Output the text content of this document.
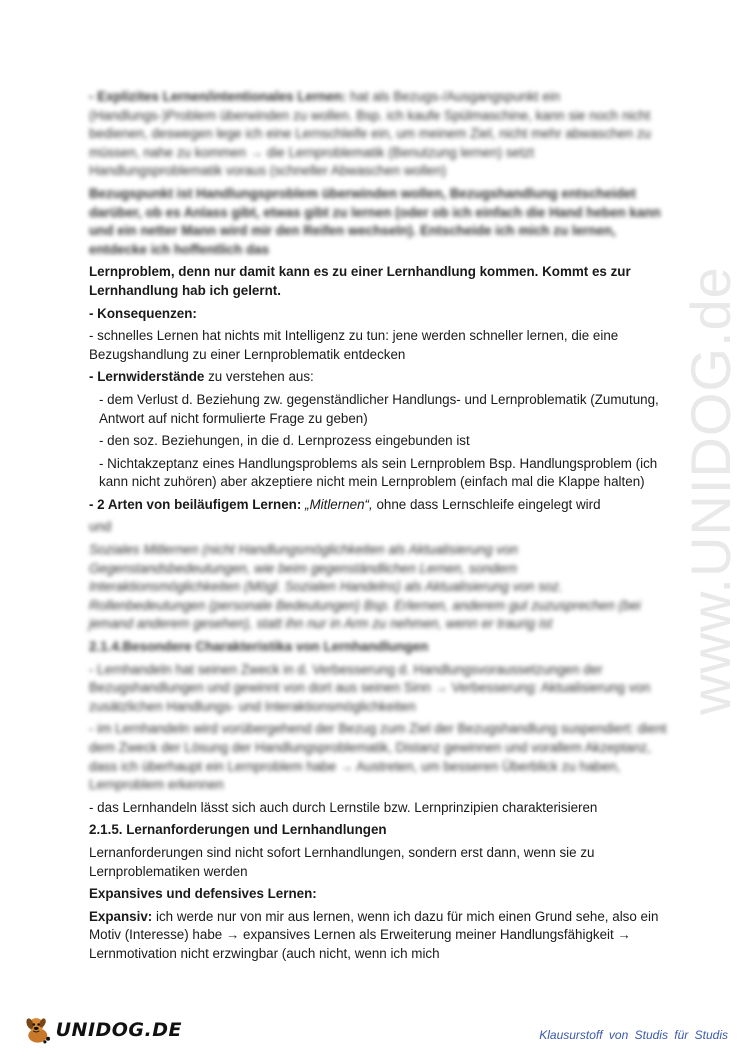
www.UNIDOG.de

- Explizites Lernen/intentionales Lernen: hat als Bezugs-/Ausgangspunkt ein (Handlungs-)Problem überwinden zu wollen. Bsp. ich kaufe Spülmaschine, kann sie noch nicht bedienen, deswegen lege ich eine Lernschleife ein, um meinem Ziel, nicht mehr abwaschen zu müssen, nahe zu kommen → die Lernproblematik (Benutzung lernen) setzt Handlungsproblematik voraus (schneller Abwaschen wollen)

Bezugspunkt ist Handlungsproblem überwinden wollen, Bezugshandlung entscheidet darüber, ob es Anlass gibt, etwas gibt zu lernen (oder ob ich einfach die Hand heben kann und ein netter Mann wird mir den Reifen wechseln). Entscheide ich mich zu lernen, entdecke ich hoffentlich das

Lernproblem, denn nur damit kann es zu einer Lernhandlung kommen. Kommt es zur Lernhandlung hab ich gelernt.

- Konsequenzen:

- schnelles Lernen hat nichts mit Intelligenz zu tun: jene werden schneller lernen, die eine Bezugshandlung zu einer Lernproblematik entdecken

- Lernwiderstände zu verstehen aus:

- dem Verlust d. Beziehung zw. gegenständlicher Handlungs- und Lernproblematik (Zumutung, Antwort auf nicht formulierte Frage zu geben)

- den soz. Beziehungen, in die d. Lernprozess eingebunden ist

- Nichtakzeptanz eines Handlungsproblems als sein Lernproblem Bsp. Handlungsproblem (ich kann nicht zuhören) aber akzeptiere nicht mein Lernproblem (einfach mal die Klappe halten)

- 2 Arten von beiläufigem Lernen: „Mitlernen“, ohne dass Lernschleife eingelegt wird

und

Soziales Mitlernen (nicht Handlungsmöglichkeiten als Aktualisierung von Gegenstandsbedeutungen, wie beim gegenständlichen Lernen, sondern Interaktionsmöglichkeiten (Mögl. Sozialen Handelns) als Aktualisierung von soz. Rollenbedeutungen (personale Bedeutungen) Bsp. Erlernen, anderem gut zuzusprechen (bei jemand anderem gesehen), statt ihn nur in Arm zu nehmen, wenn er traurig ist

2.1.4.Besondere Charakteristika von Lernhandlungen

- Lernhandeln hat seinen Zweck in d. Verbesserung d. Handlungsvoraussetzungen der Bezugshandlungen und gewinnt von dort aus seinen Sinn → Verbesserung: Aktualisierung von zusätzlichen Handlungs- und Interaktionsmöglichkeiten

- im Lernhandeln wird vorübergehend der Bezug zum Ziel der Bezugshandlung suspendiert: dient dem Zweck der Lösung der Handlungsproblematik, Distanz gewinnen und vorallem Akzeptanz, dass ich überhaupt ein Lernproblem habe → Austreten, um besseren Überblick zu haben, Lernproblem erkennen

- das Lernhandeln lässt sich auch durch Lernstile bzw. Lernprinzipien charakterisieren

2.1.5. Lernanforderungen und Lernhandlungen

Lernanforderungen sind nicht sofort Lernhandlungen, sondern erst dann, wenn sie zu Lernproblematiken werden

Expansives und defensives Lernen:

Expansiv: ich werde nur von mir aus lernen, wenn ich dazu für mich einen Grund sehe, also ein Motiv (Interesse) habe → expansives Lernen als Erweiterung meiner Handlungsfähigkeit → Lernmotivation nicht erzwingbar (auch nicht, wenn ich mich

UNIDOG.DE	Klausurstoff von Studis für Studis
